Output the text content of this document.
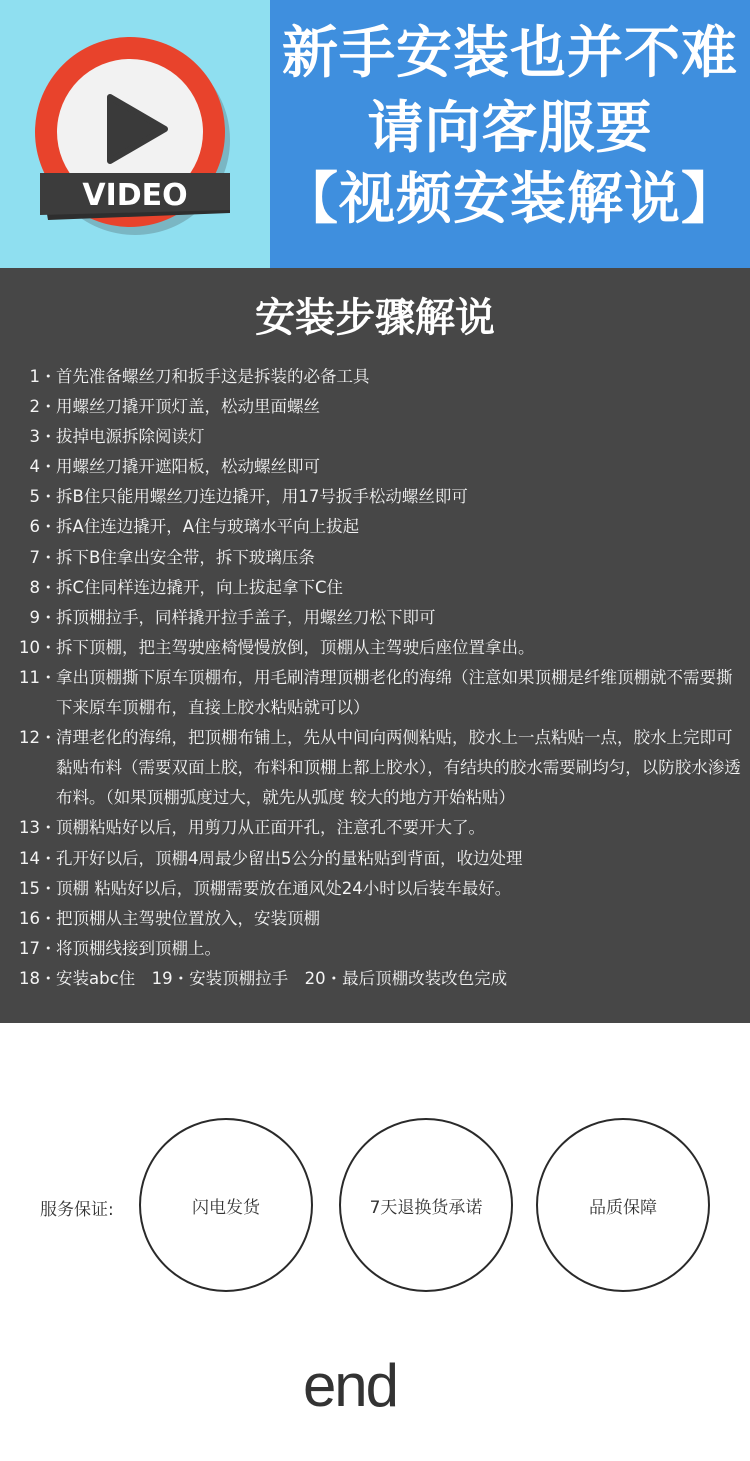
VIDEO
新手安装也并不难
请向客服要
【视频安装解说】
安装步骤解说
1・ 首先准备螺丝刀和扳手这是拆装的必备工具
2・ 用螺丝刀撬开顶灯盖，松动里面螺丝
3・ 拔掉电源拆除阅读灯
4・ 用螺丝刀撬开遮阳板，松动螺丝即可
5・ 拆B住只能用螺丝刀连边撬开，用17号扳手松动螺丝即可
6・ 拆A住连边撬开，A住与玻璃水平向上拔起
7・ 拆下B住拿出安全带，拆下玻璃压条
8・ 拆C住同样连边撬开，向上拔起拿下C住
9・ 拆顶棚拉手，同样撬开拉手盖子，用螺丝刀松下即可
10・ 拆下顶棚，把主驾驶座椅慢慢放倒，顶棚从主驾驶后座位置拿出。
11・ 拿出顶棚撕下原车顶棚布，用毛刷清理顶棚老化的海绵（注意如果顶棚是纤维顶棚就不需要撕下来原车顶棚布，直接上胶水粘贴就可以）
12・ 清理老化的海绵，把顶棚布铺上，先从中间向两侧粘贴，胶水上一点粘贴一点，胶水上完即可黏贴布料（需要双面上胶，布料和顶棚上都上胶水），有结块的胶水需要刷均匀，以防胶水渗透布料。（如果顶棚弧度过大，就先从弧度 较大的地方开始粘贴）
13・ 顶棚粘贴好以后，用剪刀从正面开孔，注意孔不要开大了。
14・ 孔开好以后，顶棚4周最少留出5公分的量粘贴到背面，收边处理
15・ 顶棚 粘贴好以后，顶棚需要放在通风处24小时以后装车最好。
16・ 把顶棚从主驾驶位置放入，安装顶棚
17・ 将顶棚线接到顶棚上。
18・ 安装abc住　19・安装顶棚拉手　20・最后顶棚改装改色完成
服务保证:	闪电发货	7天退换货承诺	品质保障
end
